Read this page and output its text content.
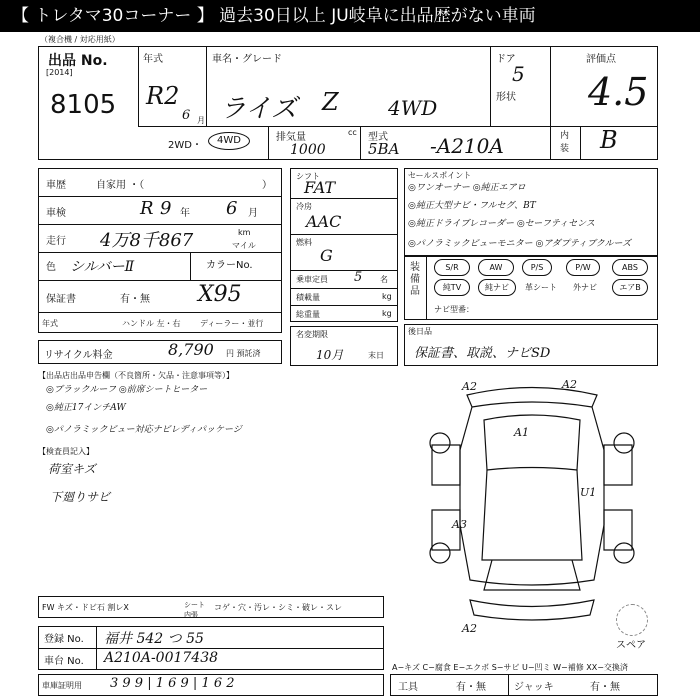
【 トレタマ30コーナー 】 過去30日以上 JU岐阜に出品歴がない車両
（複合機 / 対応用紙）
出品 No.
[2014]
8105
年式
R2
6 月
車名・グレード
ライズ Z 4WD
ドア
5
形状
評価点
4.5
内装 B
2WD・	4WD	排気量	cc
1000
型式
5BA -A210A
車歴	自家用 ・（	）
車検	R 9 年 6 月
走行 4万8千867	km
マイル
色 シルバーⅡ	カラーNo.
保証書	有・無 X95
年式	ハンドル 左・右 ディーラー・並行
リサイクル料金	8,790 円 預託済
シフト
FAT
冷房
AAC
燃料
G
乗車定員 5 名
積載量	kg
総重量	kg
名変期限
10月	末日
セールスポイント
◎ワンオーナー ◎純正エアロ
◎純正大型ナビ・フルセグ、BT
◎純正ドライブレコーダー ◎セーフティセンス
◎パノラミックビューモニター ◎アダプティブクルーズ
装備品
S/R	AW	P/S	P/W	ABS
純TV	純ナビ	革シート	外ナビ	エアB
ナビ型番：
後日品
保証書、取説、ナビSD
【出品店出品申告欄（不良箇所・欠品・注意事項等）】
◎ブラックルーフ ◎前席シートヒーター
◎純正17インチAW
◎パノラミックビュー対応ナビレディパッケージ
【検査員記入】
荷室キズ
下廻りサビ
A2	A2
A1
U1
A3
A2
スペア
FW キズ・ドビ石 割レX	シート 内張
コゲ・穴・汚レ・シミ・破レ・スレ
登録 No. 福井 542 つ 55
車台 No. A210A-0017438
A−キズ C−腐食 E−エクボ S−サビ U−凹ミ W−補修 XX−交換済
車庫証明用 3 9 9 | 1 6 9 | 1 6 2	工具	有・無	ジャッキ	有・無
